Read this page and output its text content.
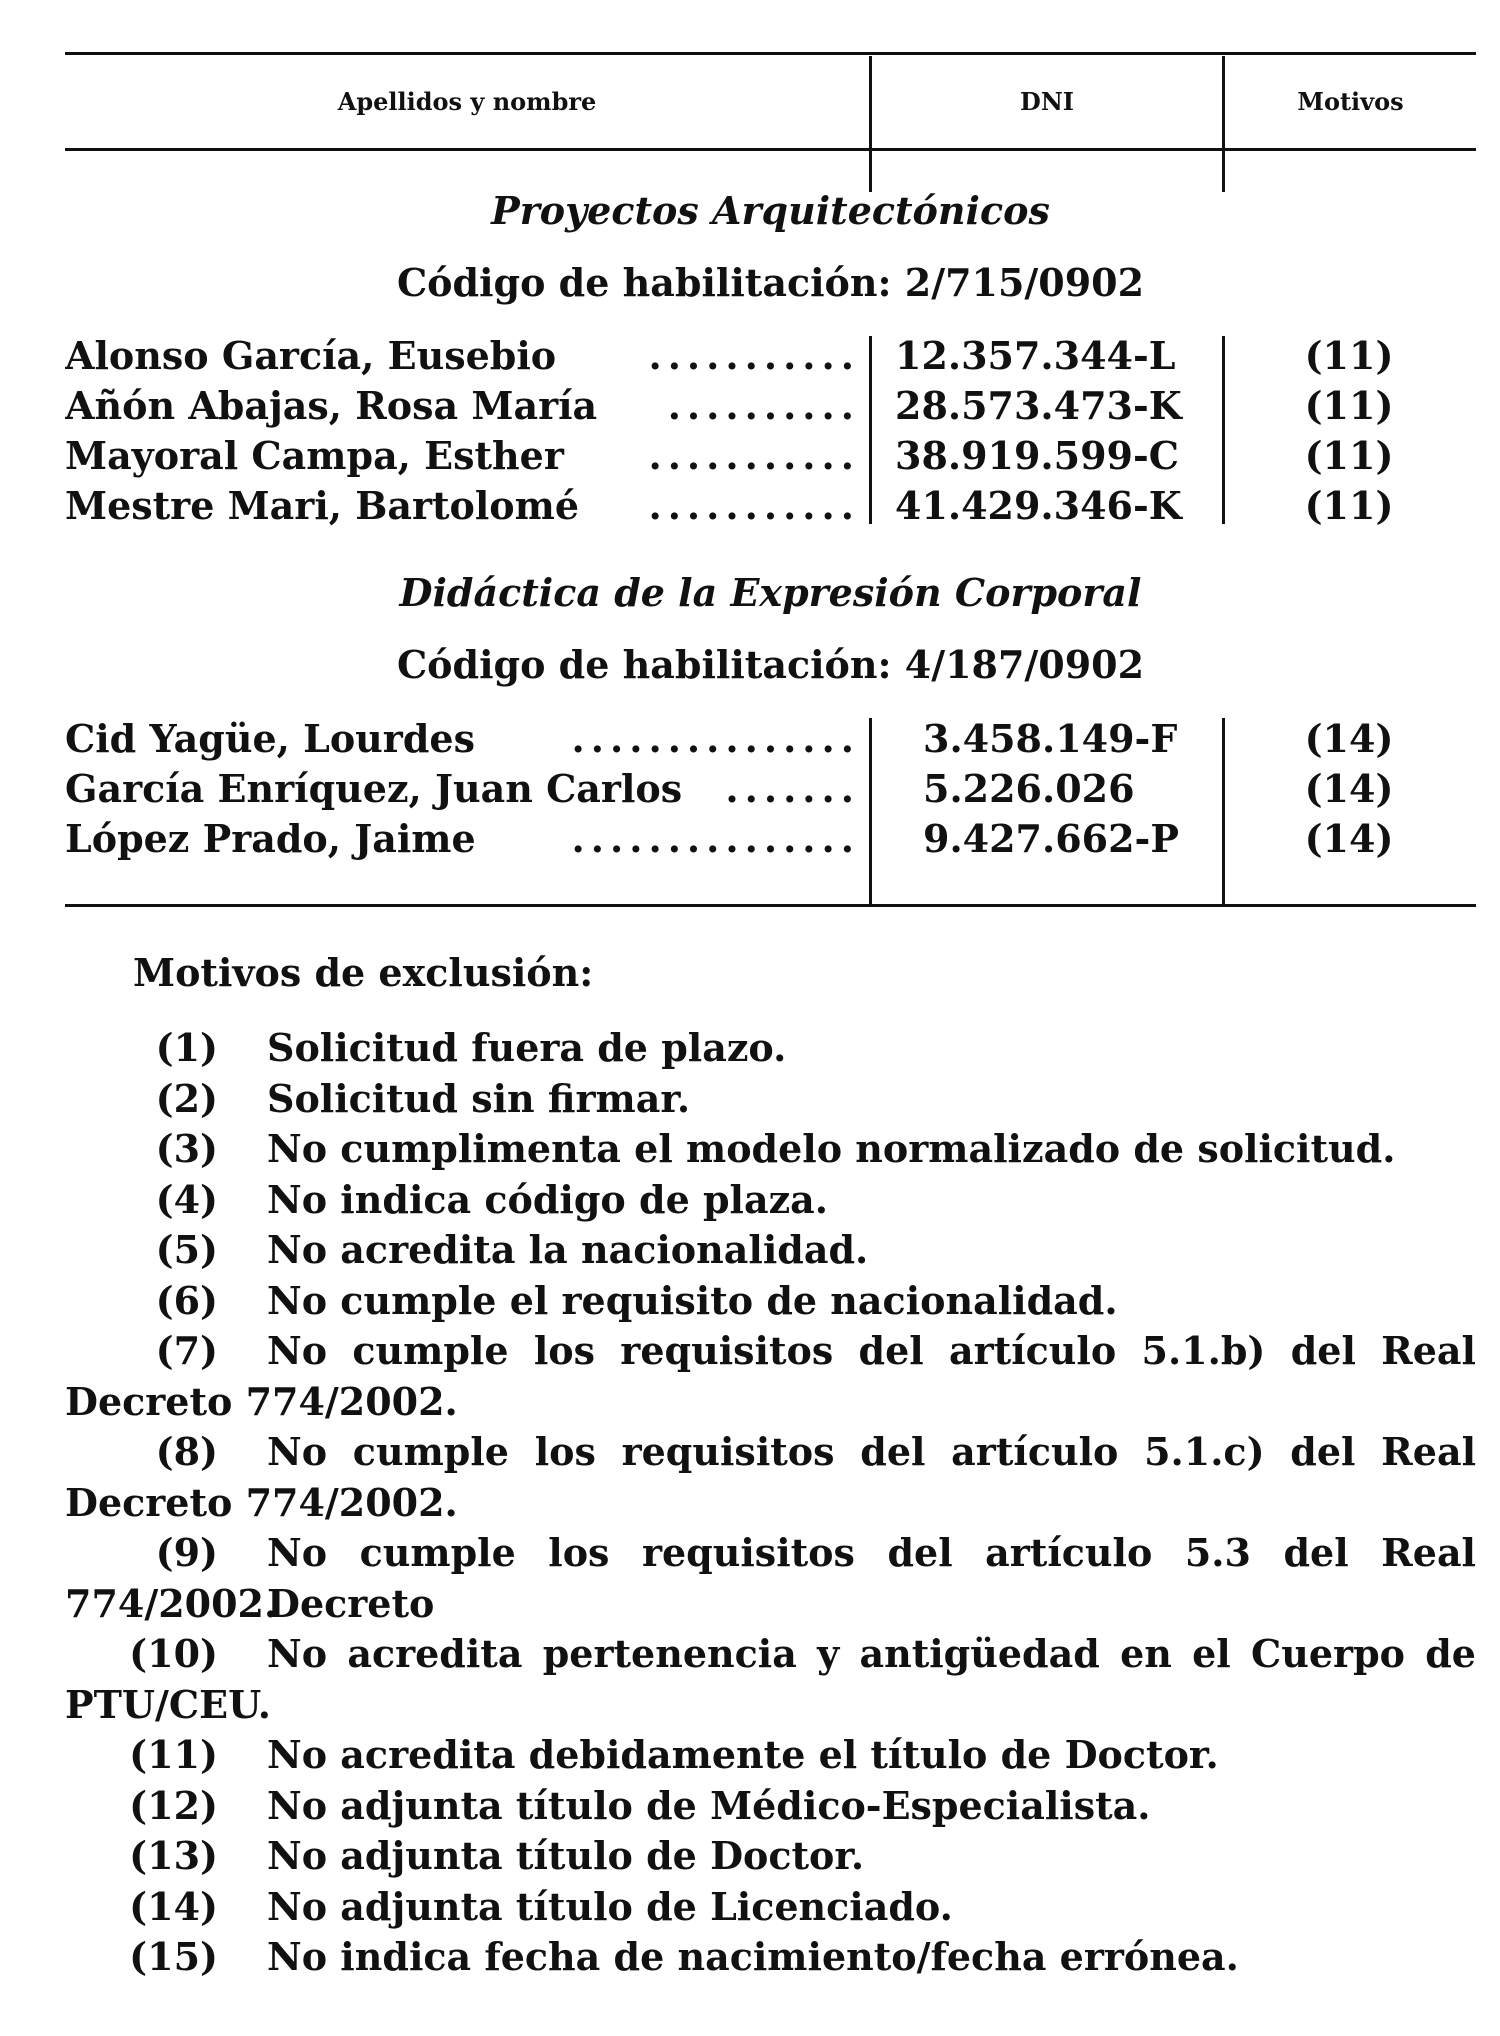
Apellidos y nombre	DNI	Motivos
Proyectos Arquitectónicos
Código de habilitación: 2/715/0902
Alonso García, Eusebio	........... 12.357.344-L	(11)
Añón Abajas, Rosa María	.......... 28.573.473-K	(11)
Mayoral Campa, Esther	........... 38.919.599-C	(11)
Mestre Mari, Bartolomé	........... 41.429.346-K	(11)
Didáctica de la Expresión Corporal
Código de habilitación: 4/187/0902
Cid Yagüe, Lourdes	............... 3.458.149-F	(14)
García Enríquez, Juan Carlos	....... 5.226.026	(14)
López Prado, Jaime	............... 9.427.662-P	(14)
Motivos de exclusión:
(1) Solicitud fuera de plazo.
(2) Solicitud sin firmar.
(3) No cumplimenta el modelo normalizado de solicitud.
(4) No indica código de plaza.
(5) No acredita la nacionalidad.
(6) No cumple el requisito de nacionalidad.
(7) No cumple los requisitos del artículo 5.1.b) del Real
Decreto 774/2002.
(8) No cumple los requisitos del artículo 5.1.c) del Real
Decreto 774/2002.
(9) No cumple los requisitos del artículo 5.3 del Real Decreto
774/2002.
(10) No acredita pertenencia y antigüedad en el Cuerpo de
PTU/CEU.
(11) No acredita debidamente el título de Doctor.
(12) No adjunta título de Médico-Especialista.
(13) No adjunta título de Doctor.
(14) No adjunta título de Licenciado.
(15) No indica fecha de nacimiento/fecha errónea.
